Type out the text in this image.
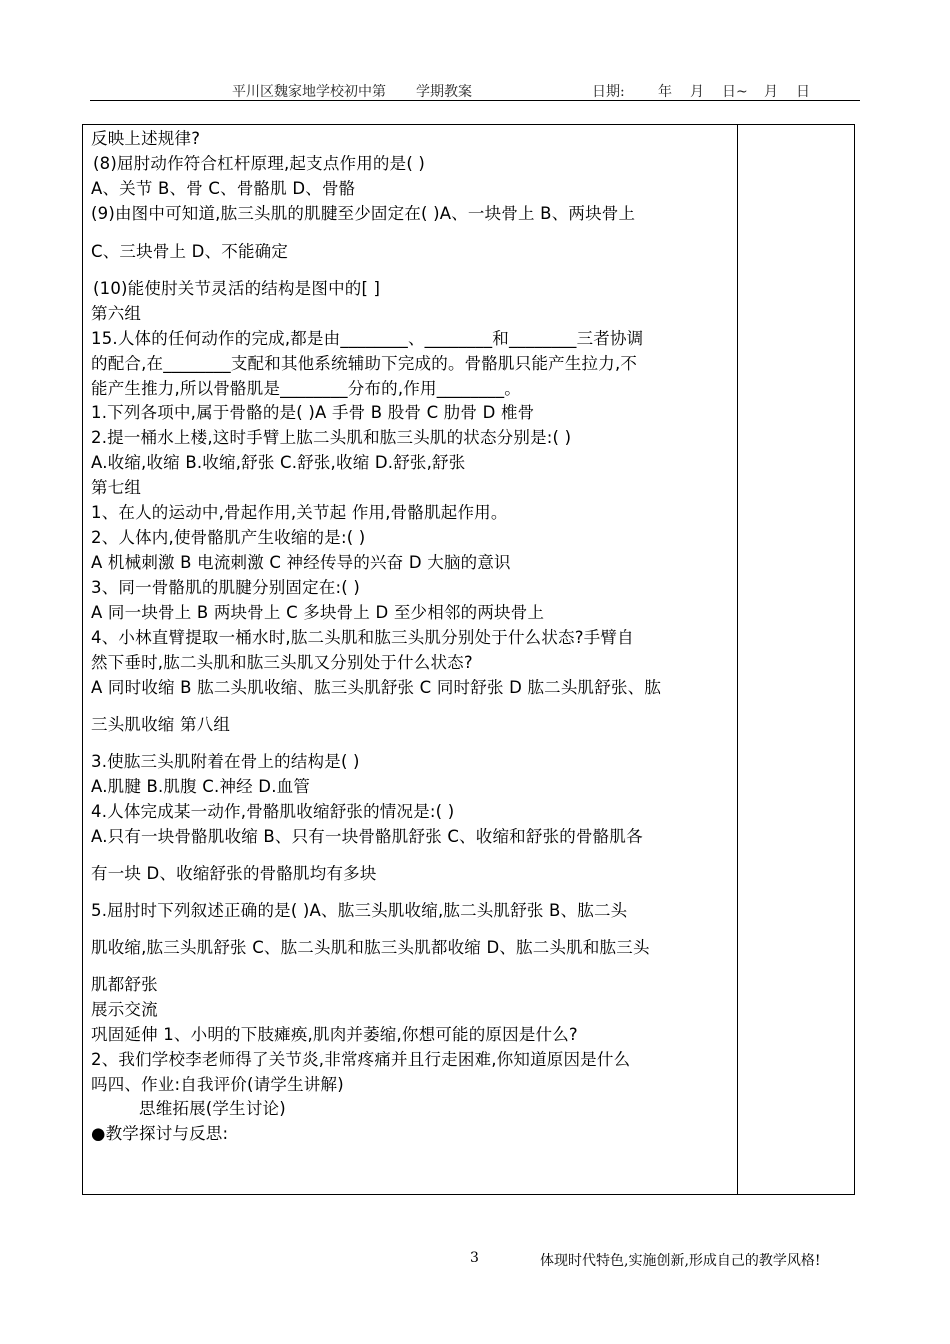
平川区魏家地学校初中第 学期教案	日期: 年 月 日~ 月 日
反映上述规律?
(8)屈肘动作符合杠杆原理,起支点作用的是( )
A、关节 B、骨 C、骨骼肌 D、骨骼
(9)由图中可知道,肱三头肌的肌腱至少固定在( )A、一块骨上 B、两块骨上
C、三块骨上 D、不能确定
(10)能使肘关节灵活的结构是图中的[ ]
第六组
15.人体的任何动作的完成,都是由________、________和________三者协调
的配合,在________支配和其他系统辅助下完成的。骨骼肌只能产生拉力,不
能产生推力,所以骨骼肌是________分布的,作用________。
1.下列各项中,属于骨骼的是( )A 手骨 B 股骨 C 肋骨 D 椎骨
2.提一桶水上楼,这时手臂上肱二头肌和肱三头肌的状态分别是:( )
A.收缩,收缩 B.收缩,舒张 C.舒张,收缩 D.舒张,舒张
第七组
1、在人的运动中,骨起作用,关节起 作用,骨骼肌起作用。
2、人体内,使骨骼肌产生收缩的是:( )
A 机械刺激 B 电流刺激 C 神经传导的兴奋 D 大脑的意识
3、同一骨骼肌的肌腱分别固定在:( )
A 同一块骨上 B 两块骨上 C 多块骨上 D 至少相邻的两块骨上
4、小林直臂提取一桶水时,肱二头肌和肱三头肌分别处于什么状态?手臂自
然下垂时,肱二头肌和肱三头肌又分别处于什么状态?
A 同时收缩 B 肱二头肌收缩、肱三头肌舒张 C 同时舒张 D 肱二头肌舒张、肱
三头肌收缩 第八组
3.使肱三头肌附着在骨上的结构是( )
A.肌腱 B.肌腹 C.神经 D.血管
4.人体完成某一动作,骨骼肌收缩舒张的情况是:( )
A.只有一块骨骼肌收缩 B、只有一块骨骼肌舒张 C、收缩和舒张的骨骼肌各
有一块 D、收缩舒张的骨骼肌均有多块
5.屈肘时下列叙述正确的是( )A、肱三头肌收缩,肱二头肌舒张 B、肱二头
肌收缩,肱三头肌舒张 C、肱二头肌和肱三头肌都收缩 D、肱二头肌和肱三头
肌都舒张
展示交流
巩固延伸 1、小明的下肢瘫痪,肌肉并萎缩,你想可能的原因是什么?
2、我们学校李老师得了关节炎,非常疼痛并且行走困难,你知道原因是什么
吗四、作业:自我评价(请学生讲解)
思维拓展(学生讨论)
●教学探讨与反思:
3	体现时代特色,实施创新,形成自己的教学风格!
